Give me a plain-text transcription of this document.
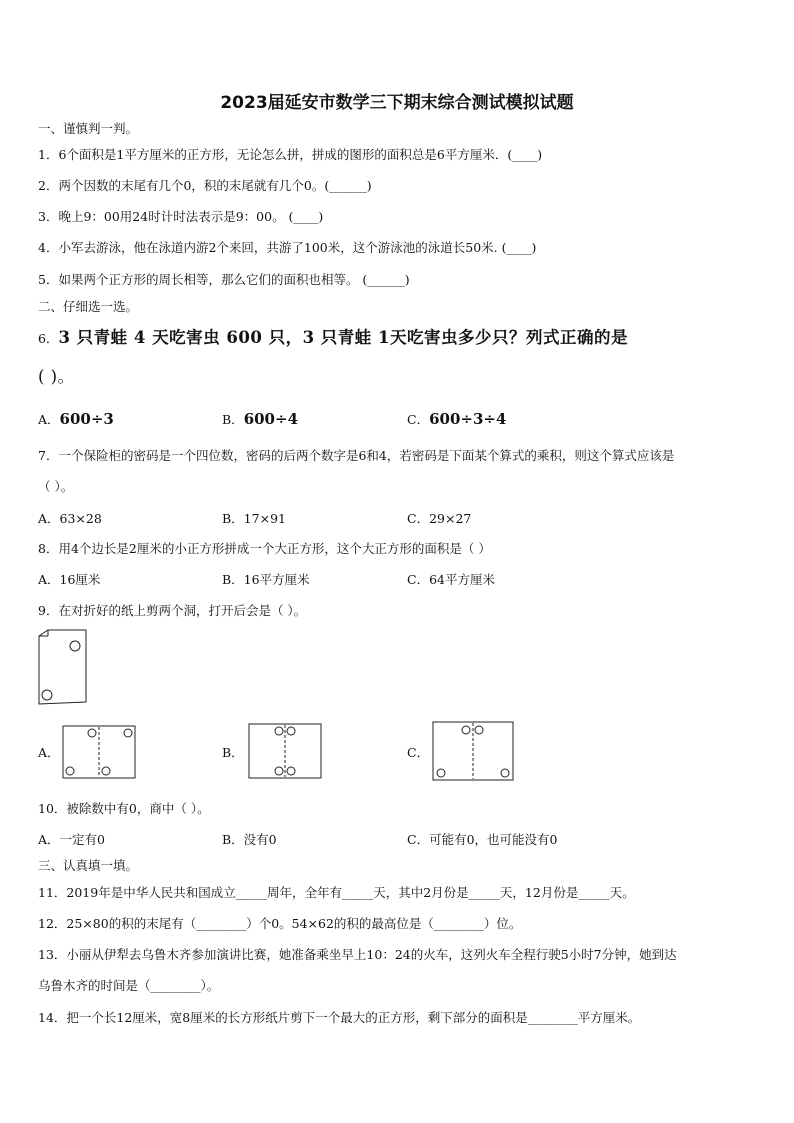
2023届延安市数学三下期末综合测试模拟试题
一、谨慎判一判。
1．6个面积是1平方厘米的正方形，无论怎么拼，拼成的图形的面积总是6平方厘米．(____)
2．两个因数的末尾有几个0，积的末尾就有几个0。(______)
3．晚上9：00用24时计时法表示是9：00。 (____)
4．小军去游泳，他在泳道内游2个来回，共游了100米，这个游泳池的泳道长50米. (____)
5．如果两个正方形的周长相等，那么它们的面积也相等。 (______)
二、仔细选一选。
6．3 只青蛙 4 天吃害虫 600 只，3 只青蛙 1天吃害虫多少只？列式正确的是
( )。
A．600÷3	B．600÷4	C．600÷3÷4
7．一个保险柜的密码是一个四位数，密码的后两个数字是6和4，若密码是下面某个算式的乘积，则这个算式应该是
（ ）。
A．63×28	B．17×91	C．29×27
8．用4个边长是2厘米的小正方形拼成一个大正方形，这个大正方形的面积是（ ）
A．16厘米	B．16平方厘米	C．64平方厘米
9．在对折好的纸上剪两个洞，打开后会是（ ）。
A．	B．	C．
10．被除数中有0，商中（ ）。
A．一定有0	B．没有0	C．可能有0，也可能没有0
三、认真填一填。
11．2019年是中华人民共和国成立_____周年，全年有_____天，其中2月份是_____天，12月份是_____天。
12．25×80的积的末尾有（________）个0。54×62的积的最高位是（________）位。
13．小丽从伊犁去乌鲁木齐参加演讲比赛，她准备乘坐早上10：24的火车，这列火车全程行驶5小时7分钟，她到达
乌鲁木齐的时间是（________）。
14．把一个长12厘米，宽8厘米的长方形纸片剪下一个最大的正方形，剩下部分的面积是________平方厘米。
